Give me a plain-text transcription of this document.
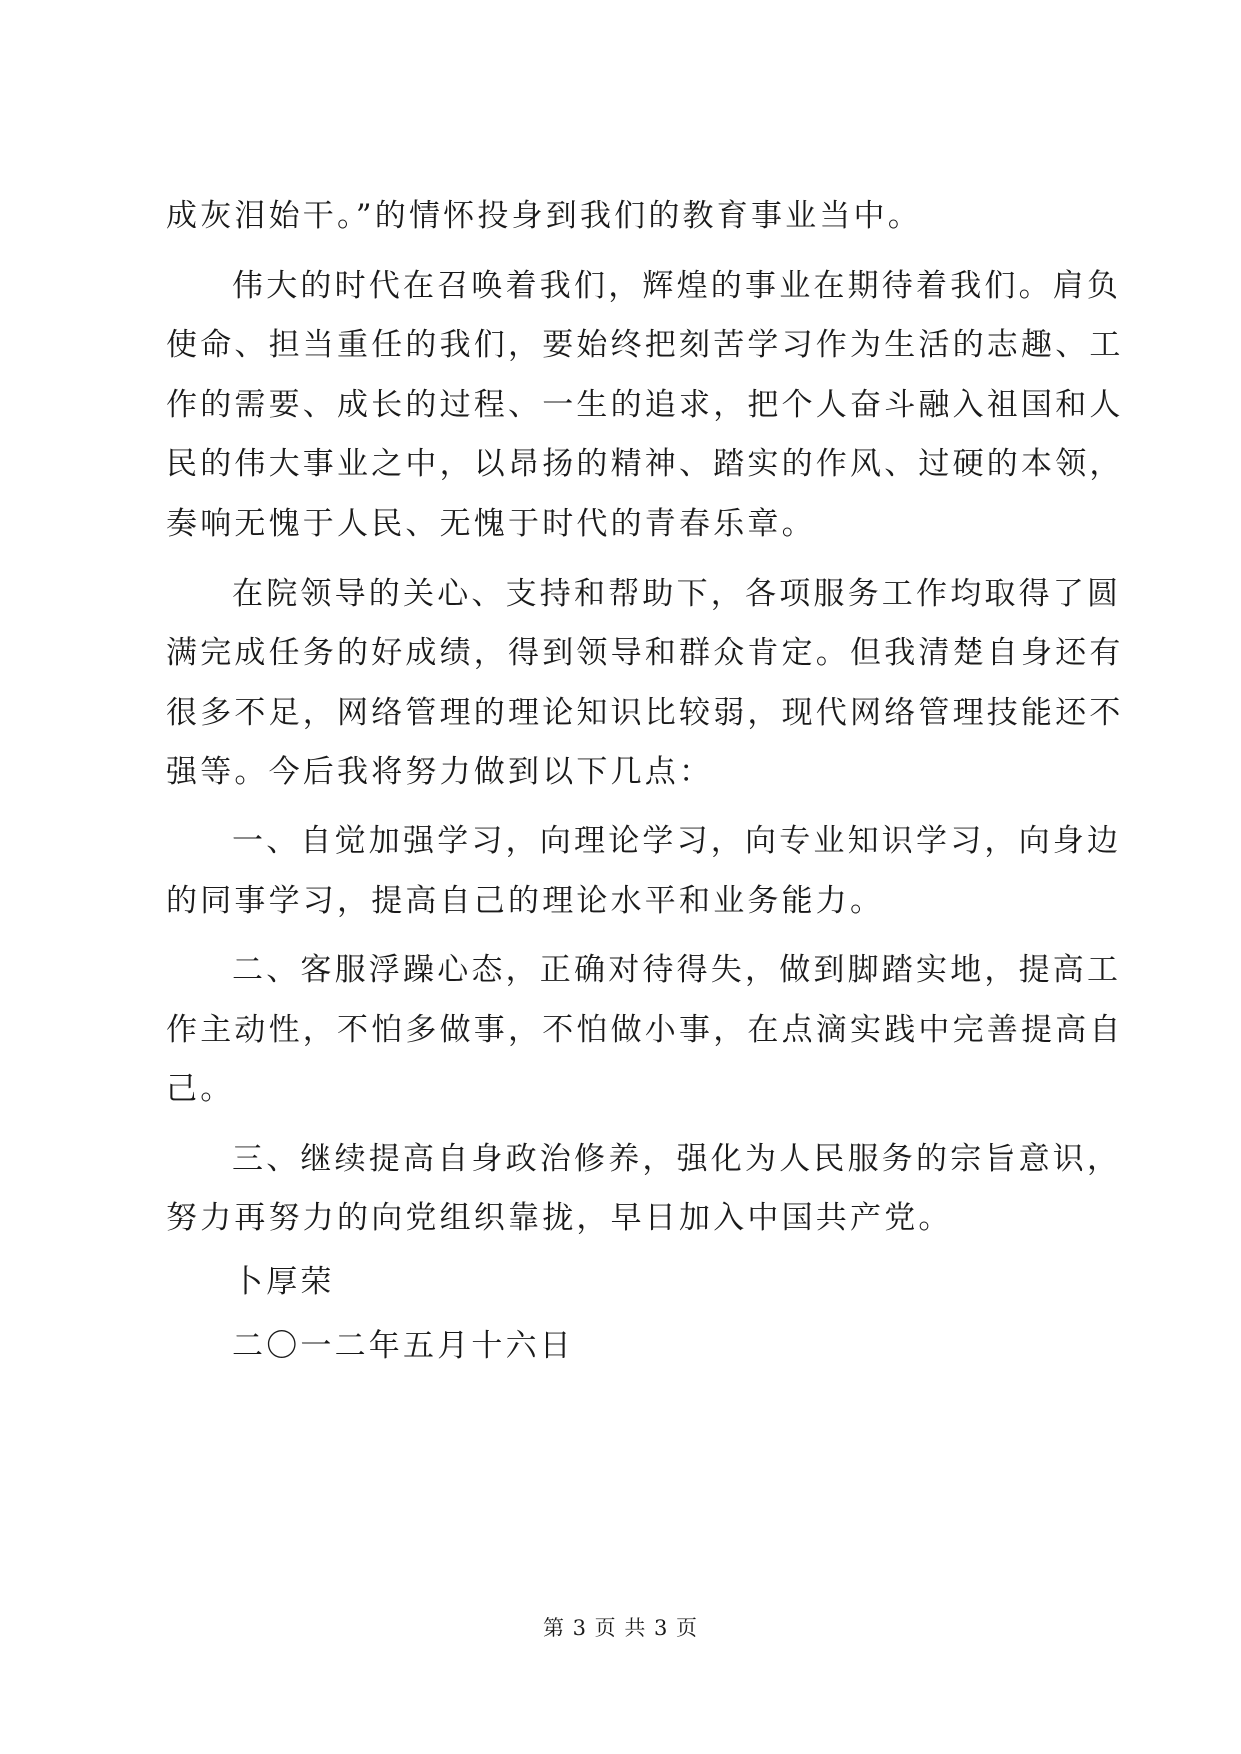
成灰泪始干。”的情怀投身到我们的教育事业当中。
伟大的时代在召唤着我们，辉煌的事业在期待着我们。肩负
使命、担当重任的我们，要始终把刻苦学习作为生活的志趣、工
作的需要、成长的过程、一生的追求，把个人奋斗融入祖国和人
民的伟大事业之中，以昂扬的精神、踏实的作风、过硬的本领，
奏响无愧于人民、无愧于时代的青春乐章。
在院领导的关心、支持和帮助下，各项服务工作均取得了圆
满完成任务的好成绩，得到领导和群众肯定。但我清楚自身还有
很多不足，网络管理的理论知识比较弱，现代网络管理技能还不
强等。今后我将努力做到以下几点：
一、自觉加强学习，向理论学习，向专业知识学习，向身边
的同事学习，提高自己的理论水平和业务能力。
二、客服浮躁心态，正确对待得失，做到脚踏实地，提高工
作主动性，不怕多做事，不怕做小事，在点滴实践中完善提高自
己。
三、继续提高自身政治修养，强化为人民服务的宗旨意识，
努力再努力的向党组织靠拢，早日加入中国共产党。
卜厚荣
二〇一二年五月十六日
第 3 页 共 3 页
